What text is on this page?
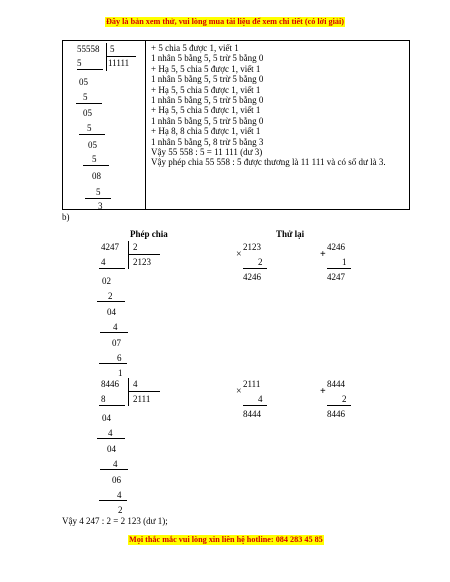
Đây là bản xem thử, vui lòng mua tài liệu để xem chi tiết (có lời giải)
55558 5
11111
5
05
5
05
5
05
5
08
5
3
+ 5 chia 5 được 1, viết 1
1 nhân 5 bằng 5, 5 trừ 5 bằng 0
+ Hạ 5, 5 chia 5 được 1, viết 1
1 nhân 5 bằng 5, 5 trừ 5 bằng 0
+ Hạ 5, 5 chia 5 được 1, viết 1
1 nhân 5 bằng 5, 5 trừ 5 bằng 0
+ Hạ 5, 5 chia 5 được 1, viết 1
1 nhân 5 bằng 5, 5 trừ 5 bằng 0
+ Hạ 8, 8 chia 5 được 1, viết 1
1 nhân 5 bằng 5, 8 trừ 5 bằng 3
Vậy 55 558 : 5 = 11 111 (dư 3)
Vậy phép chia 55 558 : 5 được thương là 11 111 và có số dư là 3.
b)
Phép chia	Thử lại
4247 2
2123
4
02
2
04
4
07
6
1
2123
×
2
4246
4246
+
1
4247
8446 4
2111
8
04
4
04
4
06
4
2
2111
×
4
8444
8444
+
2
8446
Vậy 4 247 : 2 = 2 123 (dư 1);
Mọi thắc mắc vui lòng xin liên hệ hotline: 084 283 45 85
